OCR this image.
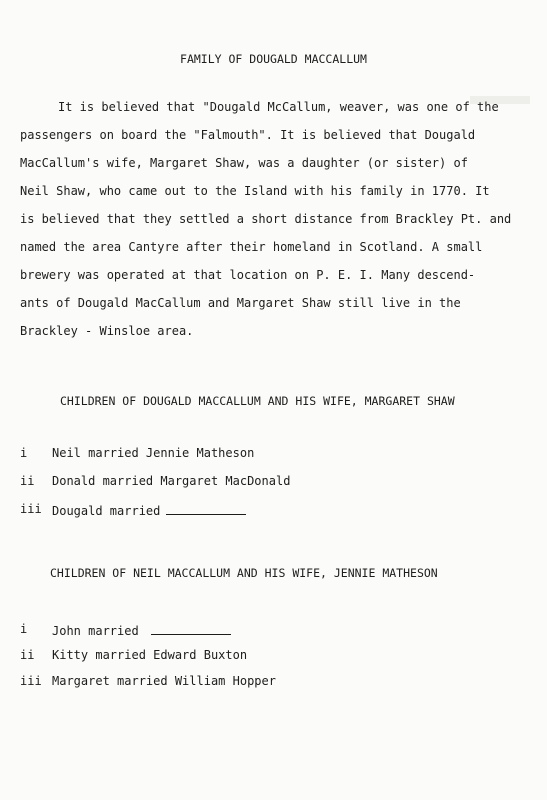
FAMILY OF DOUGALD MACCALLUM
It is believed that "Dougald McCallum, weaver, was one of the
passengers on board the "Falmouth". It is believed that Dougald
MacCallum's wife, Margaret Shaw, was a daughter (or sister) of
Neil Shaw, who came out to the Island with his family in 1770. It
is believed that they settled a short distance from Brackley Pt. and
named the area Cantyre after their homeland in Scotland. A small
brewery was operated at that location on P. E. I. Many descend-
ants of Dougald MacCallum and Margaret Shaw still live in the
Brackley - Winsloe area.
CHILDREN OF DOUGALD MACCALLUM AND HIS WIFE, MARGARET SHAW
i Neil married Jennie Matheson
ii Donald married Margaret MacDonald
iii Dougald married
CHILDREN OF NEIL MACCALLUM AND HIS WIFE, JENNIE MATHESON
i John married
ii Kitty married Edward Buxton
iii Margaret married William Hopper
